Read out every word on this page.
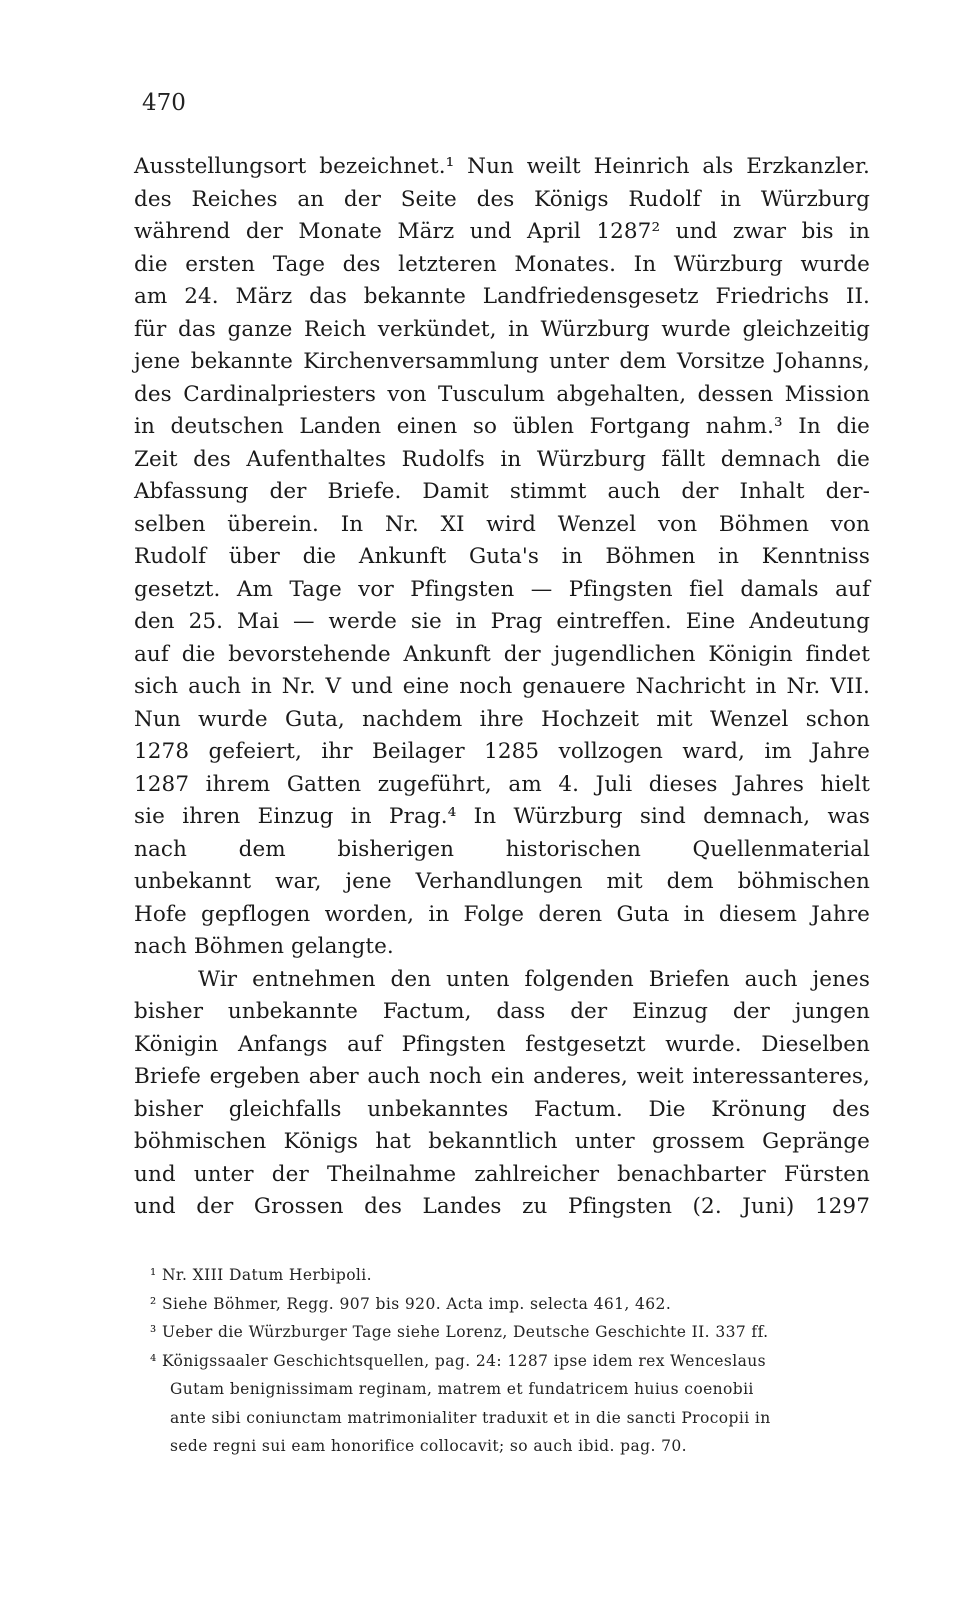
470
Ausstellungsort bezeichnet.¹ Nun weilt Heinrich als Erzkanzler.
des Reiches an der Seite des Königs Rudolf in Würzburg
während der Monate März und April 1287² und zwar bis in
die ersten Tage des letzteren Monates. In Würzburg wurde
am 24. März das bekannte Landfriedensgesetz Friedrichs II.
für das ganze Reich verkündet, in Würzburg wurde gleichzeitig
jene bekannte Kirchenversammlung unter dem Vorsitze Johanns,
des Cardinalpriesters von Tusculum abgehalten, dessen Mission
in deutschen Landen einen so üblen Fortgang nahm.³ In die
Zeit des Aufenthaltes Rudolfs in Würzburg fällt demnach die
Abfassung der Briefe. Damit stimmt auch der Inhalt der-
selben überein. In Nr. XI wird Wenzel von Böhmen von
Rudolf über die Ankunft Guta's in Böhmen in Kenntniss
gesetzt. Am Tage vor Pfingsten — Pfingsten fiel damals auf
den 25. Mai — werde sie in Prag eintreffen. Eine Andeutung
auf die bevorstehende Ankunft der jugendlichen Königin findet
sich auch in Nr. V und eine noch genauere Nachricht in Nr. VII.
Nun wurde Guta, nachdem ihre Hochzeit mit Wenzel schon
1278 gefeiert, ihr Beilager 1285 vollzogen ward, im Jahre
1287 ihrem Gatten zugeführt, am 4. Juli dieses Jahres hielt
sie ihren Einzug in Prag.⁴ In Würzburg sind demnach, was
nach dem bisherigen historischen Quellenmaterial
unbekannt war, jene Verhandlungen mit dem böhmischen
Hofe gepflogen worden, in Folge deren Guta in diesem Jahre
nach Böhmen gelangte.
Wir entnehmen den unten folgenden Briefen auch jenes
bisher unbekannte Factum, dass der Einzug der jungen
Königin Anfangs auf Pfingsten festgesetzt wurde. Dieselben
Briefe ergeben aber auch noch ein anderes, weit interessanteres,
bisher gleichfalls unbekanntes Factum. Die Krönung des
böhmischen Königs hat bekanntlich unter grossem Gepränge
und unter der Theilnahme zahlreicher benachbarter Fürsten
und der Grossen des Landes zu Pfingsten (2. Juni) 1297
¹ Nr. XIII Datum Herbipoli.
² Siehe Böhmer, Regg. 907 bis 920. Acta imp. selecta 461, 462.
³ Ueber die Würzburger Tage siehe Lorenz, Deutsche Geschichte II. 337 ff.
⁴ Königssaaler Geschichtsquellen, pag. 24: 1287 ipse idem rex Wenceslaus
Gutam benignissimam reginam, matrem et fundatricem huius coenobii
ante sibi coniunctam matrimonialiter traduxit et in die sancti Procopii in
sede regni sui eam honorifice collocavit; so auch ibid. pag. 70.
